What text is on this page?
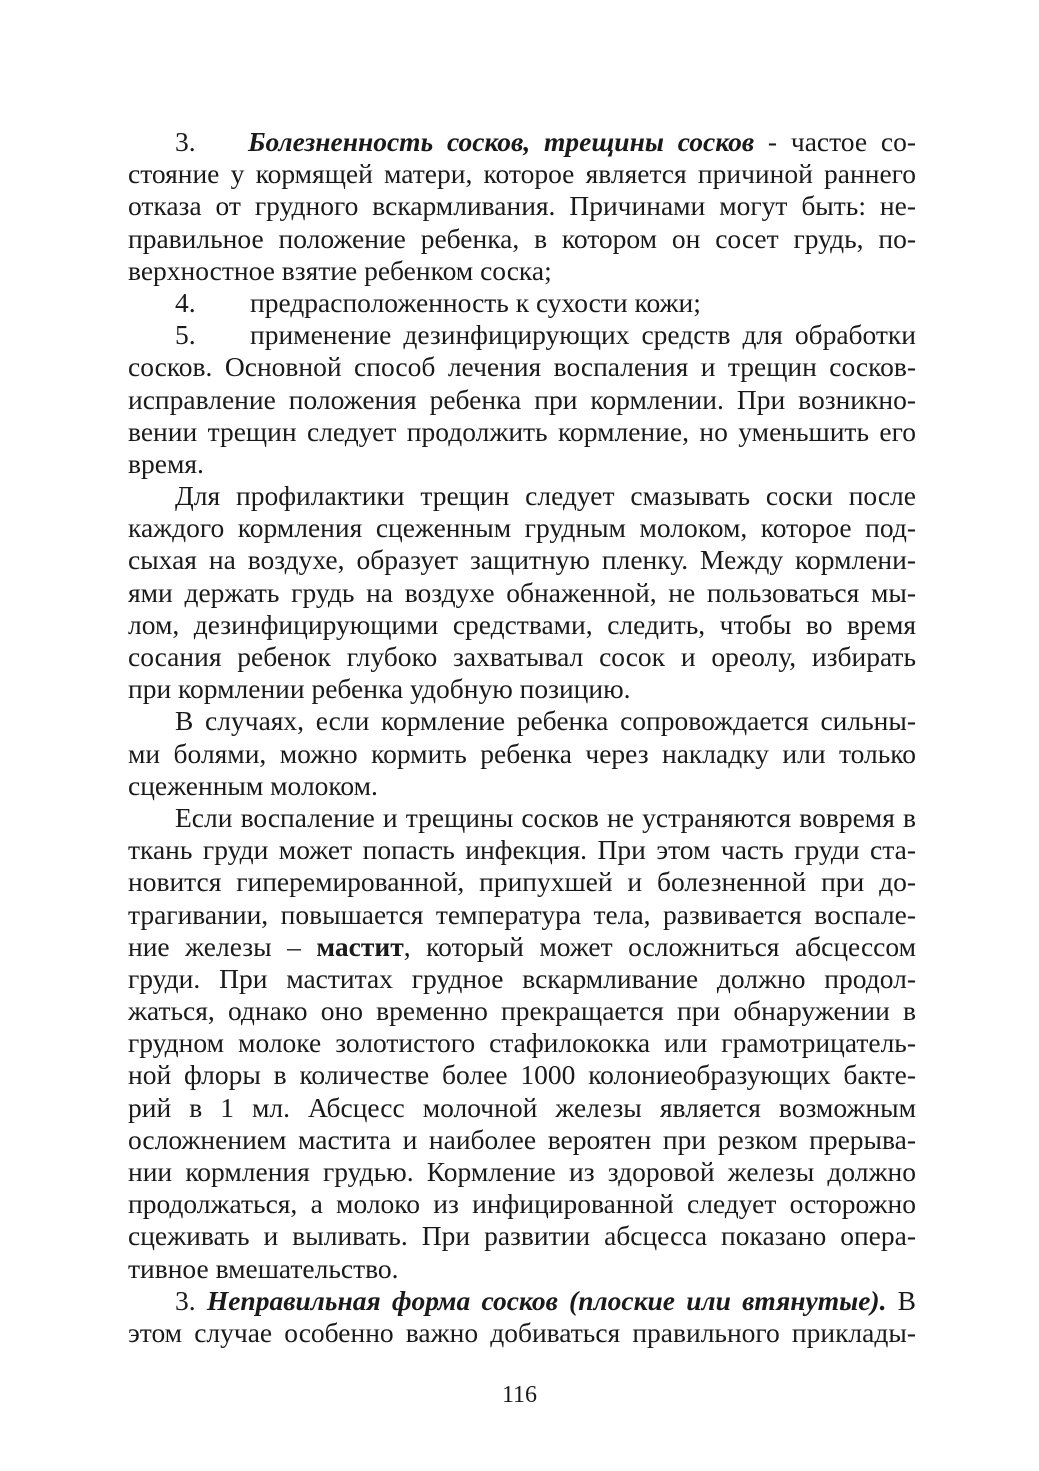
3. Болезненность сосков, трещины сосков - частое со-
стояние у кормящей матери, которое является причиной раннего
отказа от грудного вскармливания. Причинами могут быть: не-
правильное положение ребенка, в котором он сосет грудь, по-
верхностное взятие ребенком соска;
4. предрасположенность к сухости кожи;
5. применение дезинфицирующих средств для обработки
сосков. Основной способ лечения воспаления и трещин сосков-
исправление положения ребенка при кормлении. При возникно-
вении трещин следует продолжить кормление, но уменьшить его
время.
Для профилактики трещин следует смазывать соски после
каждого кормления сцеженным грудным молоком, которое под-
сыхая на воздухе, образует защитную пленку. Между кормлени-
ями держать грудь на воздухе обнаженной, не пользоваться мы-
лом, дезинфицирующими средствами, следить, чтобы во время
сосания ребенок глубоко захватывал сосок и ореолу, избирать
при кормлении ребенка удобную позицию.
В случаях, если кормление ребенка сопровождается сильны-
ми болями, можно кормить ребенка через накладку или только
сцеженным молоком.
Если воспаление и трещины сосков не устраняются вовремя в
ткань груди может попасть инфекция. При этом часть груди ста-
новится гиперемированной, припухшей и болезненной при до-
трагивании, повышается температура тела, развивается воспале-
ние железы – мастит, который может осложниться абсцессом
груди. При маститах грудное вскармливание должно продол-
жаться, однако оно временно прекращается при обнаружении в
грудном молоке золотистого стафилококка или грамотрицатель-
ной флоры в количестве более 1000 колониеобразующих бакте-
рий в 1 мл. Абсцесс молочной железы является возможным
осложнением мастита и наиболее вероятен при резком прерыва-
нии кормления грудью. Кормление из здоровой железы должно
продолжаться, а молоко из инфицированной следует осторожно
сцеживать и выливать. При развитии абсцесса показано опера-
тивное вмешательство.
3. Неправильная форма сосков (плоские или втянутые). В
этом случае особенно важно добиваться правильного приклады-
116
